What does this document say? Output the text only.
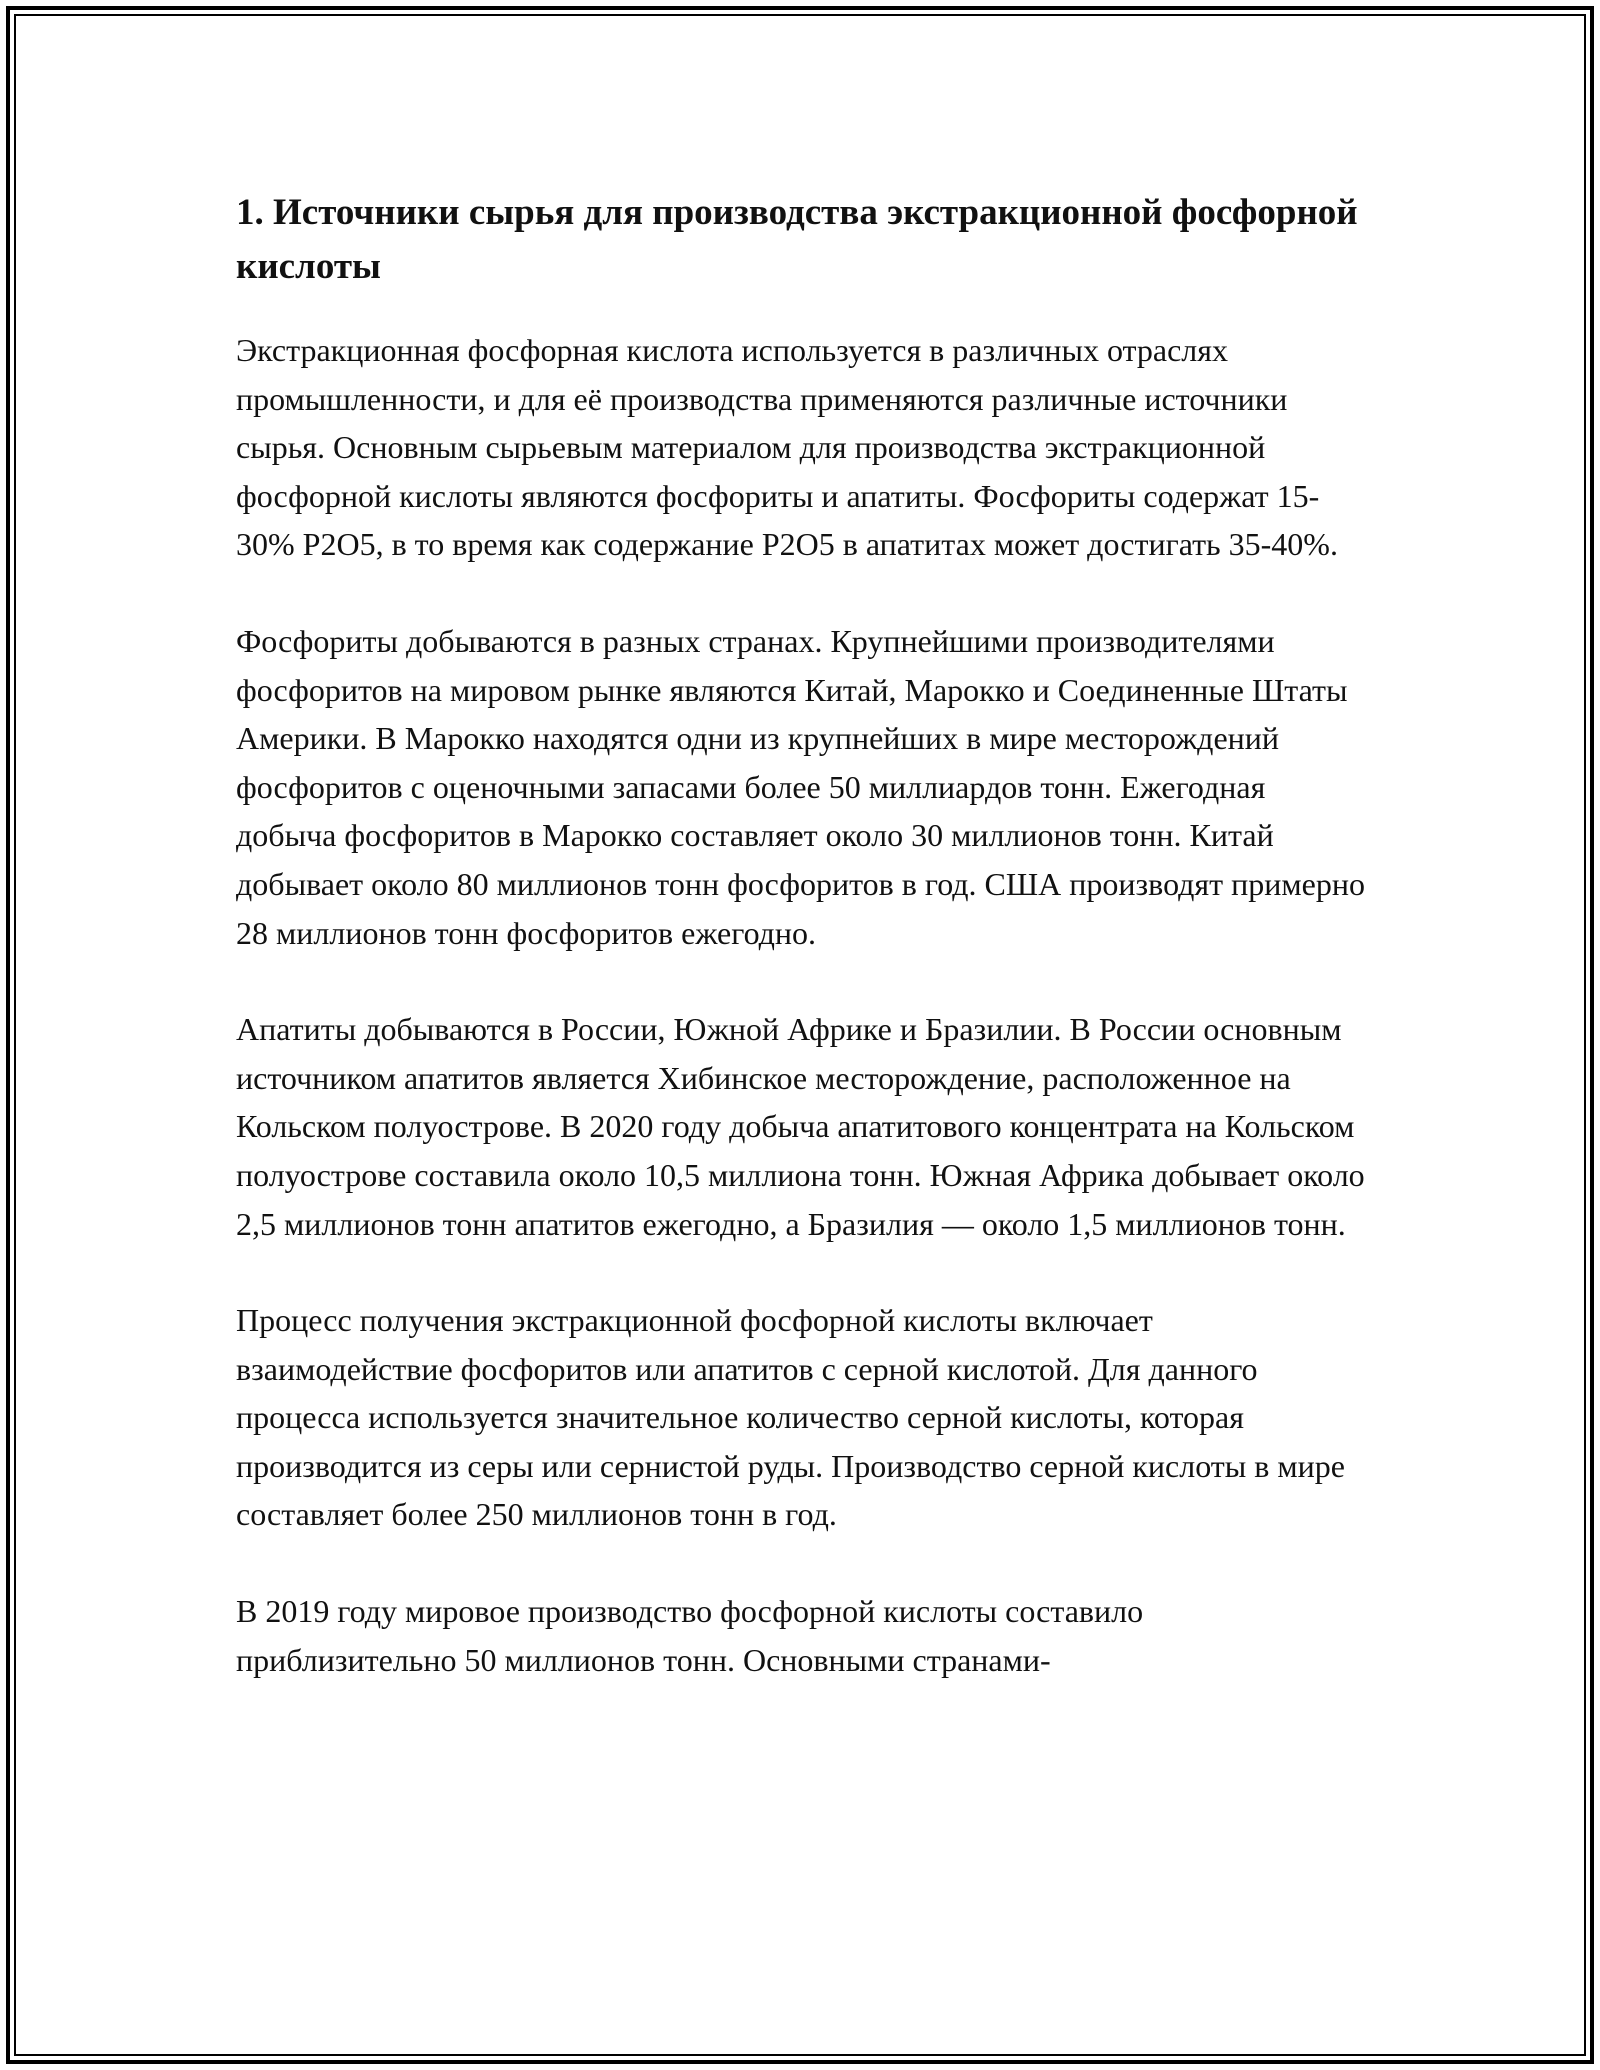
1. Источники сырья для производства экстракционной фосфорной кислоты

Экстракционная фосфорная кислота используется в различных отраслях промышленности, и для её производства применяются различные источники сырья. Основным сырьевым материалом для производства экстракционной фосфорной кислоты являются фосфориты и апатиты. Фосфориты содержат 15-30% P2O5, в то время как содержание P2O5 в апатитах может достигать 35-40%.

Фосфориты добываются в разных странах. Крупнейшими производителями фосфоритов на мировом рынке являются Китай, Марокко и Соединенные Штаты Америки. В Марокко находятся одни из крупнейших в мире месторождений фосфоритов с оценочными запасами более 50 миллиардов тонн. Ежегодная добыча фосфоритов в Марокко составляет около 30 миллионов тонн. Китай добывает около 80 миллионов тонн фосфоритов в год. США производят примерно 28 миллионов тонн фосфоритов ежегодно.

Апатиты добываются в России, Южной Африке и Бразилии. В России основным источником апатитов является Хибинское месторождение, расположенное на Кольском полуострове. В 2020 году добыча апатитового концентрата на Кольском полуострове составила около 10,5 миллиона тонн. Южная Африка добывает около 2,5 миллионов тонн апатитов ежегодно, а Бразилия — около 1,5 миллионов тонн.

Процесс получения экстракционной фосфорной кислоты включает взаимодействие фосфоритов или апатитов с серной кислотой. Для данного процесса используется значительное количество серной кислоты, которая производится из серы или сернистой руды. Производство серной кислоты в мире составляет более 250 миллионов тонн в год.

В 2019 году мировое производство фосфорной кислоты составило приблизительно 50 миллионов тонн. Основными странами-
